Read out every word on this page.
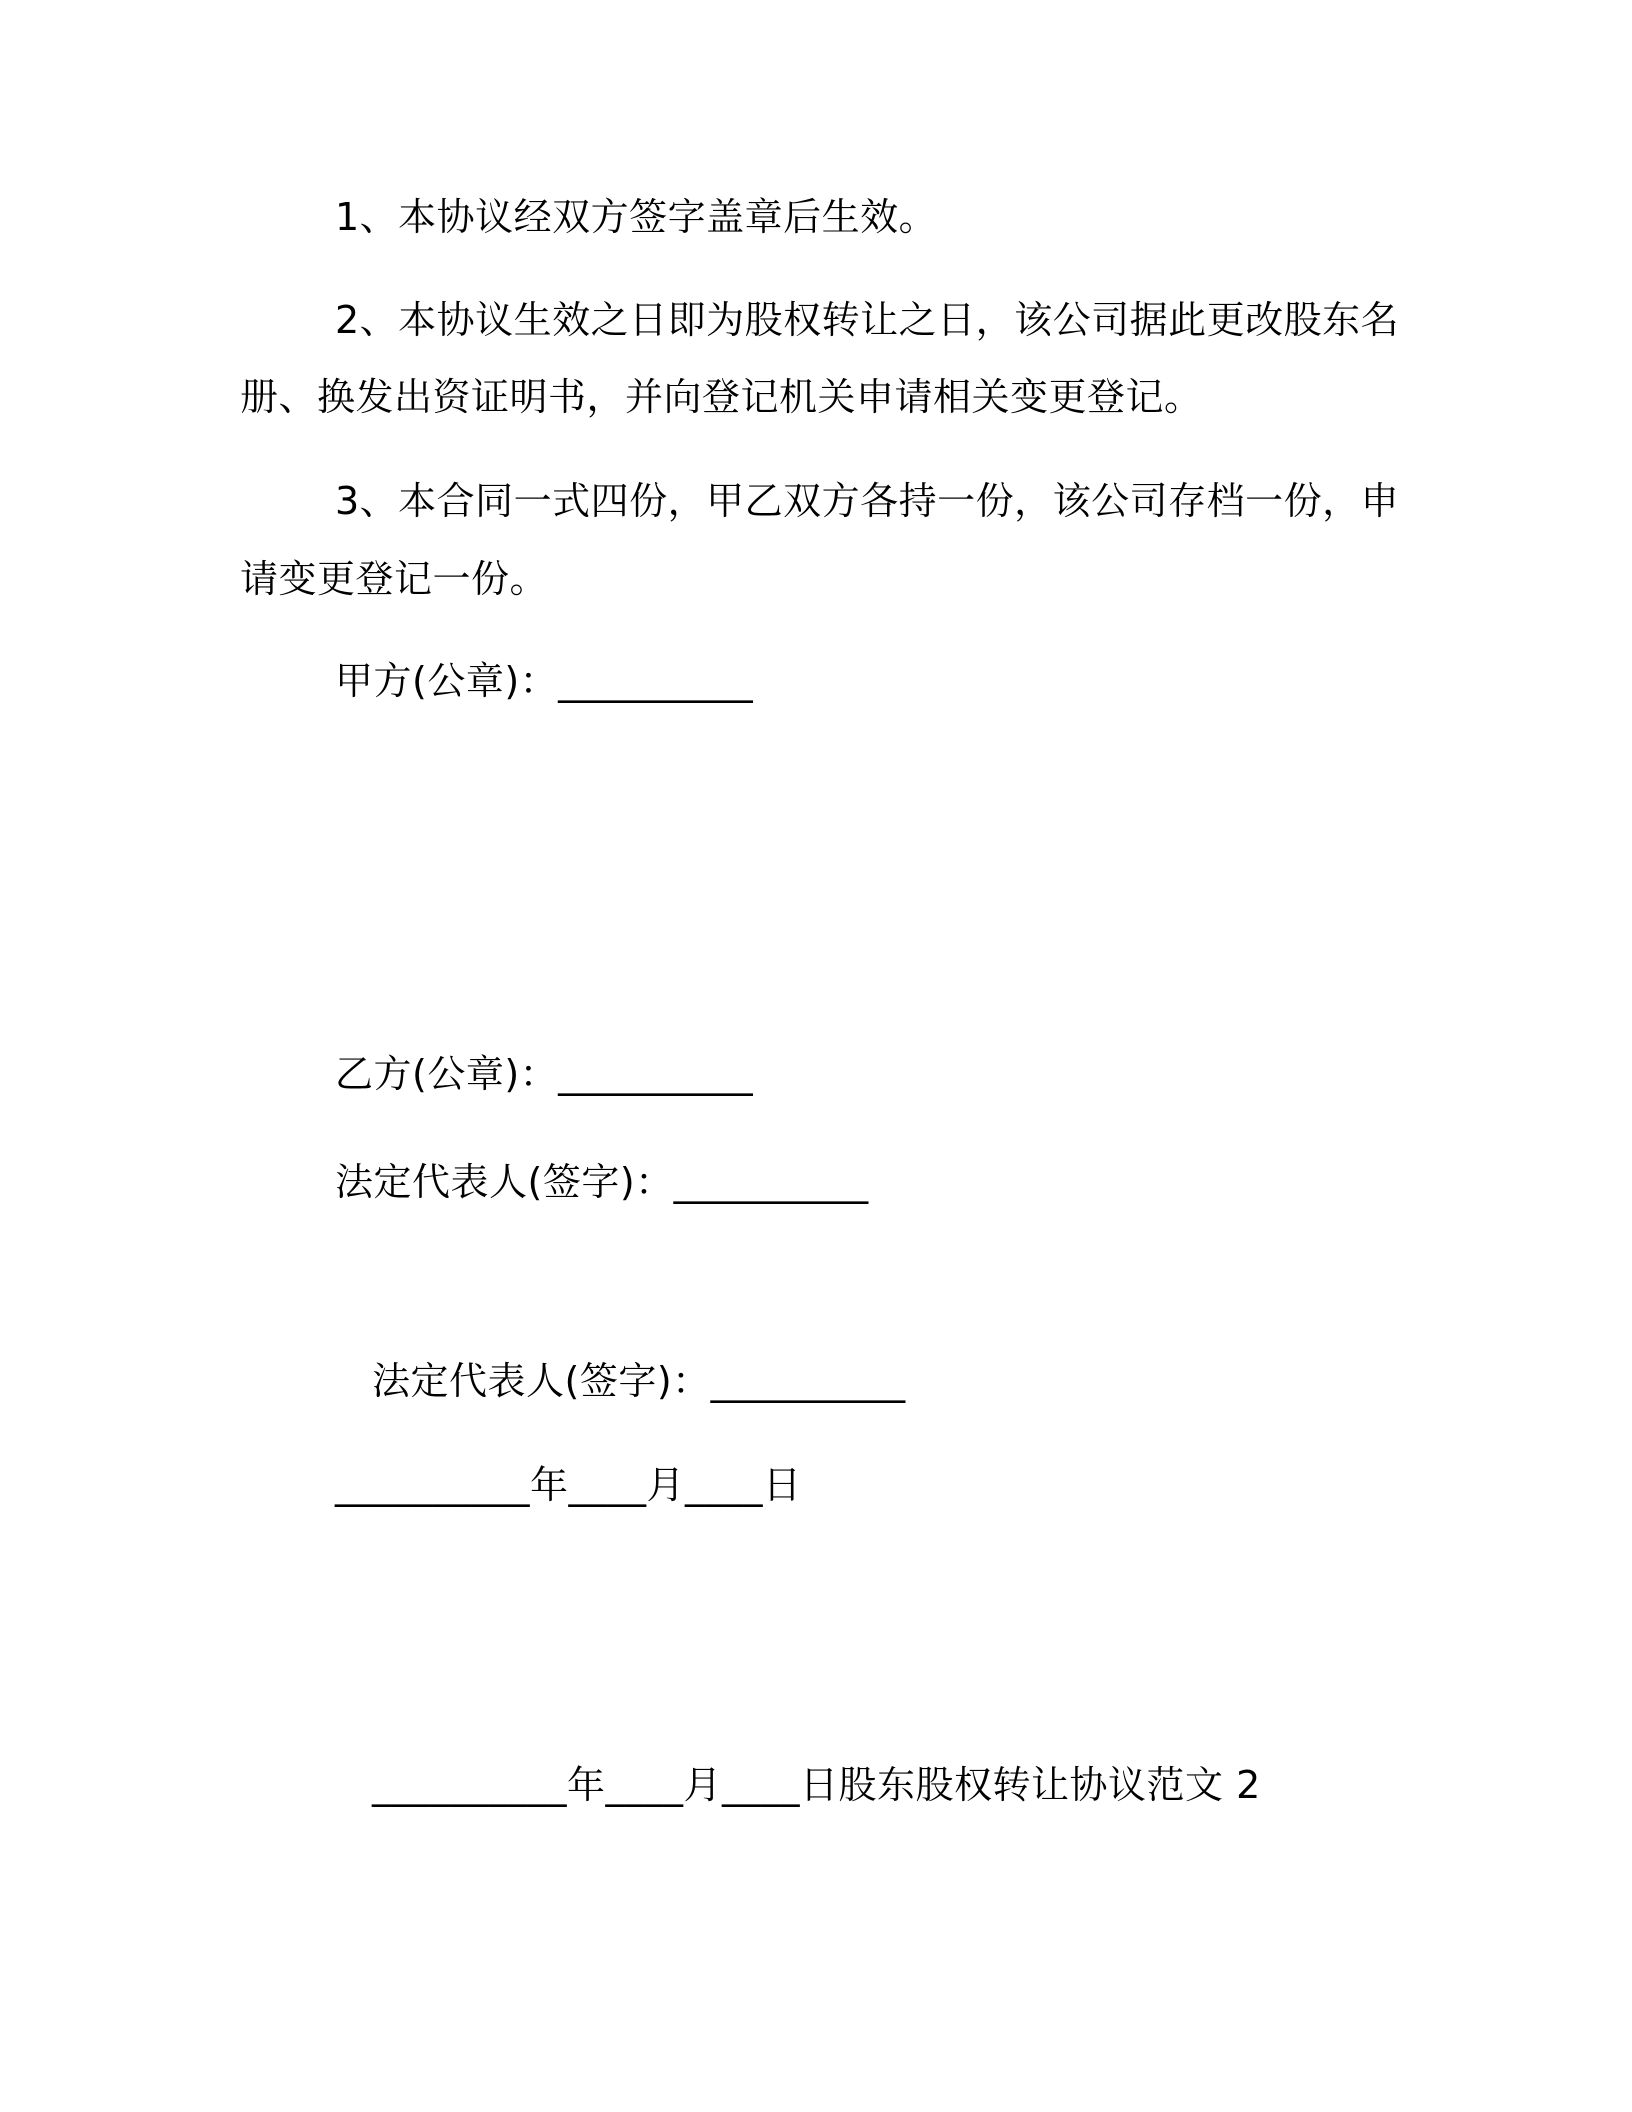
1、本协议经双方签字盖章后生效。

2、本协议生效之日即为股权转让之日，该公司据此更改股东名

册、换发出资证明书，并向登记机关申请相关变更登记。

3、本合同一式四份，甲乙双方各持一份，该公司存档一份，申

请变更登记一份。

甲方(公章)：__________

乙方(公章)：__________

法定代表人(签字)：__________

法定代表人(签字)：__________

__________年____月____日

__________年____月____日股东股权转让协议范文 2
